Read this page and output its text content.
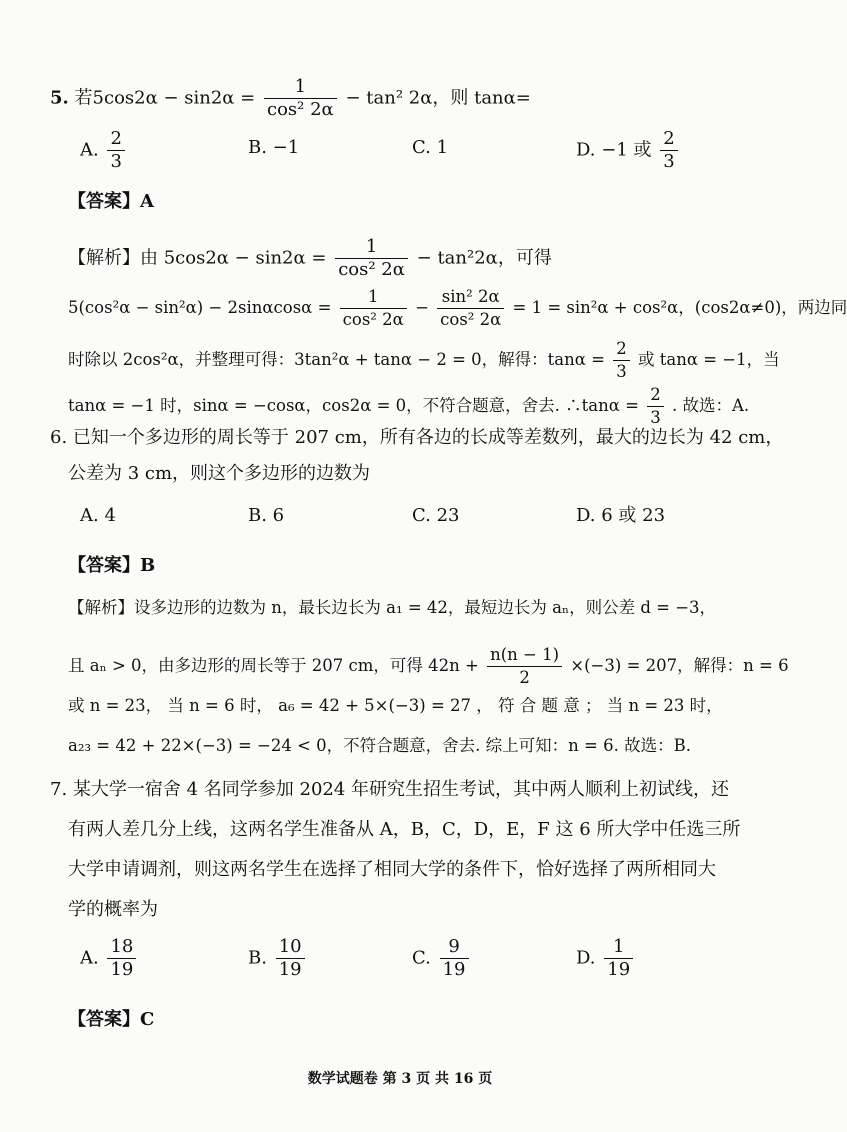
5. 若$5\cos 2\alpha - \sin 2\alpha = \frac{1}{\text{cos² 2α}} - \tan^2$ 2α，则 tanα=
A. $\frac{2}{3}$	B. −1	C. 1	D. −1 或 $\frac{2}{3}$
【答案】A
【解析】由 $5\cos 2\alpha - \sin 2\alpha = \frac{1}{\text{cos² 2α}} - \tan^22\alpha$，可得
$5(\cos^2\alpha - \sin^2\alpha) - 2\sin\alpha\cos\alpha = \frac{1}{\text{cos² 2α}} - \frac{\text{sin² 2α}}{\text{cos² 2α}} = 1 = \sin^2\alpha + \cos^2\alpha$，(cos2α≠0)，两边同
时除以 2cos²α，并整理可得：3tan²α + tanα − 2 = 0，解得：$\tan\alpha = \frac{2}{3}$ 或 tanα = −1，当
tanα = −1 时，sinα = −cosα，cos2α = 0，不符合题意，舍去. ∴tanα = $\frac{2}{3}$ . 故选：A.
6. 已知一个多边形的周长等于 207 cm，所有各边的长成等差数列，最大的边长为 42 cm，
公差为 3 cm，则这个多边形的边数为
A. 4	B. 6	C. 23	D. 6 或 23
【答案】B
【解析】设多边形的边数为 n，最长边长为 a₁ = 42，最短边长为 aₙ，则公差 d = −3，
且 aₙ > 0，由多边形的周长等于 207 cm，可得 $42n + \frac{n(n - 1)}{2} \times(-3) = 207$，解得：n = 6
或 n = 23， 当 n = 6 时， a₆ = 42 + 5×(−3) = 27 ， 符 合 题 意 ； 当 n = 23 时，
a₂₃ = 42 + 22×(−3) = −24 < 0，不符合题意，舍去. 综上可知：n = 6. 故选：B.
7. 某大学一宿舍 4 名同学参加 2024 年研究生招生考试，其中两人顺利上初试线，还
有两人差几分上线，这两名学生准备从 A，B，C，D，E，F 这 6 所大学中任选三所
大学申请调剂，则这两名学生在选择了相同大学的条件下，恰好选择了两所相同大
学的概率为
A. $\frac{18}{19}$	B. $\frac{10}{19}$	C. $\frac{9}{19}$	D. $\frac{1}{19}$
【答案】C
数学试题卷 第 3 页 共 16 页
